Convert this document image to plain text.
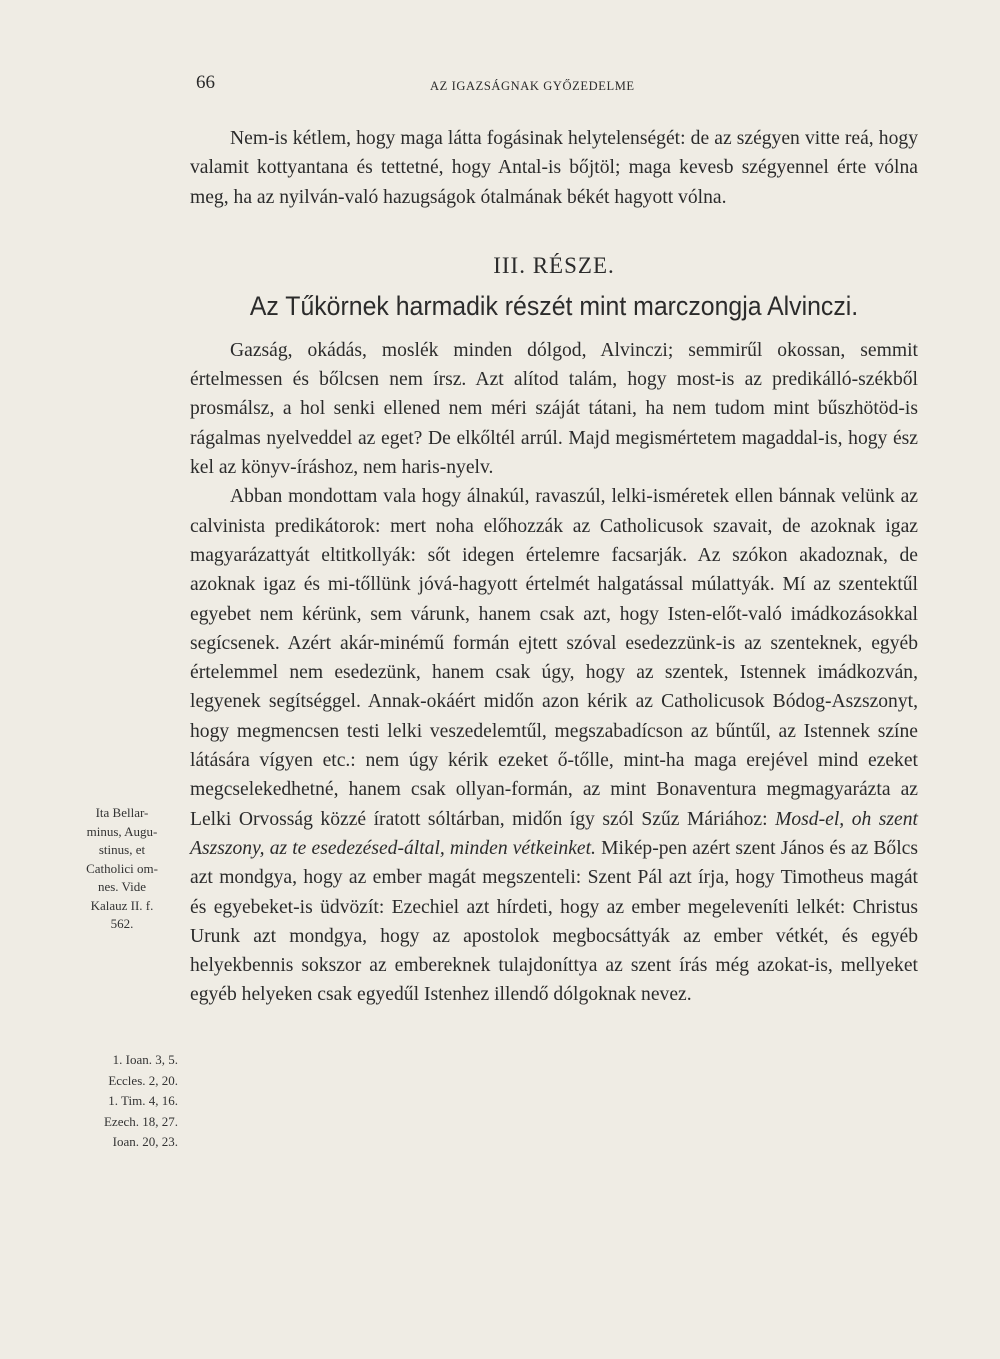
66	AZ IGAZSÁGNAK GYŐZEDELME

Nem-is kétlem, hogy maga látta fogásinak helytelenségét: de az szégyen vitte reá, hogy valamit kottyantana és tettetné, hogy Antal-is bőjtöl; maga kevesb szégyennel érte vólna meg, ha az nyilván-való hazugságok ótalmának békét hagyott vólna.

III. RÉSZE.
Az Tűkörnek harmadik részét mint marczongja Alvinczi.

Gazság, okádás, moslék minden dólgod, Alvinczi; semmirűl okossan, semmit értelmessen és bőlcsen nem írsz. Azt alítod talám, hogy most-is az predikálló-székből prosmálsz, a hol senki ellened nem méri száját tátani, ha nem tudom mint bűszhötöd-is rágalmas nyelveddel az eget? De elkőltél arrúl. Majd megismértetem magaddal-is, hogy ész kel az könyv-íráshoz, nem haris-nyelv.

Abban mondottam vala hogy álnakúl, ravaszúl, lelki-isméretek ellen bánnak velünk az calvinista predikátorok: mert noha előhozzák az Catholicusok szavait, de azoknak igaz magyarázattyát eltitkollyák: sőt idegen értelemre facsarják. Az szókon akadoznak, de azoknak igaz és mi-tőllünk jóvá-hagyott értelmét halgatással múlattyák. Mí az szentektűl egyebet nem kérünk, sem várunk, hanem csak azt, hogy Isten-előt-való imádkozásokkal segícsenek. Azért akár-minémű formán ejtett szóval esedezzünk-is az szenteknek, egyéb értelemmel nem esedezünk, hanem csak úgy, hogy az szentek, Istennek imádkozván, legyenek segítséggel. Annak-okáért midőn azon kérik az Catholicusok Bódog-Aszszonyt, hogy megmencsen testi lelki veszedelemtűl, megszabadícson az bűntűl, az Istennek színe látására vígyen etc.: nem úgy kérik ezeket ő-tőlle, mint-ha maga erejével mind ezeket megcselekedhetné, hanem csak ollyan-formán, az mint Bonaventura megmagyarázta az Lelki Orvosság közzé íratott sóltárban, midőn így szól Szűz Máriához: Mosd-el, oh szent Aszszony, az te esedezésed-által, minden vétkeinket. Mikép-pen azért szent János és az Bőlcs azt mondgya, hogy az ember magát megszenteli: Szent Pál azt írja, hogy Timotheus magát és egyebeket-is üdvözít: Ezechiel azt hírdeti, hogy az ember megeleveníti lelkét: Christus Urunk azt mondgya, hogy az apostolok megbocsáttyák az ember vétkét, és egyéb helyekbennis sokszor az embereknek tulajdoníttya az szent írás még azokat-is, mellyeket egyéb helyeken csak egyedűl Istenhez illendő dólgoknak nevez.

Ita Bellar-
minus, Augu-
stinus, et
Catholici om-
nes. Vide
Kalauz II. f.
562.
1. Ioan. 3, 5.
Eccles. 2, 20.
1. Tim. 4, 16.
Ezech. 18, 27.
Ioan. 20, 23.
